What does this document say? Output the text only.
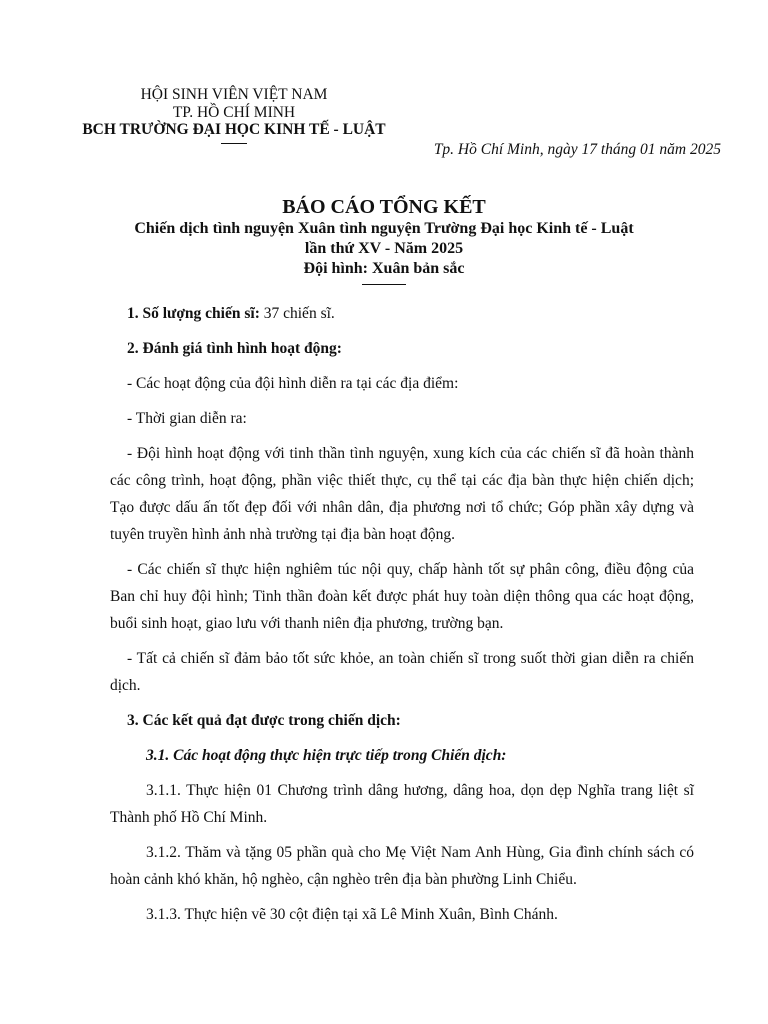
HỘI SINH VIÊN VIỆT NAM
TP. HỒ CHÍ MINH
BCH TRƯỜNG ĐẠI HỌC KINH TẾ - LUẬT
Tp. Hồ Chí Minh, ngày 17 tháng 01 năm 2025
BÁO CÁO TỔNG KẾT
Chiến dịch tình nguyện Xuân tình nguyện Trường Đại học Kinh tế - Luật
lần thứ XV - Năm 2025
Đội hình: Xuân bản sắc

1. Số lượng chiến sĩ: 37 chiến sĩ.

2. Đánh giá tình hình hoạt động:

- Các hoạt động của đội hình diễn ra tại các địa điểm:

- Thời gian diễn ra:

- Đội hình hoạt động với tinh thần tình nguyện, xung kích của các chiến sĩ đã hoàn thành các công trình, hoạt động, phần việc thiết thực, cụ thể tại các địa bàn thực hiện chiến dịch; Tạo được dấu ấn tốt đẹp đối với nhân dân, địa phương nơi tổ chức; Góp phần xây dựng và tuyên truyền hình ảnh nhà trường tại địa bàn hoạt động.

- Các chiến sĩ thực hiện nghiêm túc nội quy, chấp hành tốt sự phân công, điều động của Ban chỉ huy đội hình; Tinh thần đoàn kết được phát huy toàn diện thông qua các hoạt động, buổi sinh hoạt, giao lưu với thanh niên địa phương, trường bạn.

- Tất cả chiến sĩ đảm bảo tốt sức khỏe, an toàn chiến sĩ trong suốt thời gian diễn ra chiến dịch.

3. Các kết quả đạt được trong chiến dịch:

3.1. Các hoạt động thực hiện trực tiếp trong Chiến dịch:

3.1.1. Thực hiện 01 Chương trình dâng hương, dâng hoa, dọn dẹp Nghĩa trang liệt sĩ Thành phố Hồ Chí Minh.

3.1.2. Thăm và tặng 05 phần quà cho Mẹ Việt Nam Anh Hùng, Gia đình chính sách có hoàn cảnh khó khăn, hộ nghèo, cận nghèo trên địa bàn phường Linh Chiểu.

3.1.3. Thực hiện vẽ 30 cột điện tại xã Lê Minh Xuân, Bình Chánh.
